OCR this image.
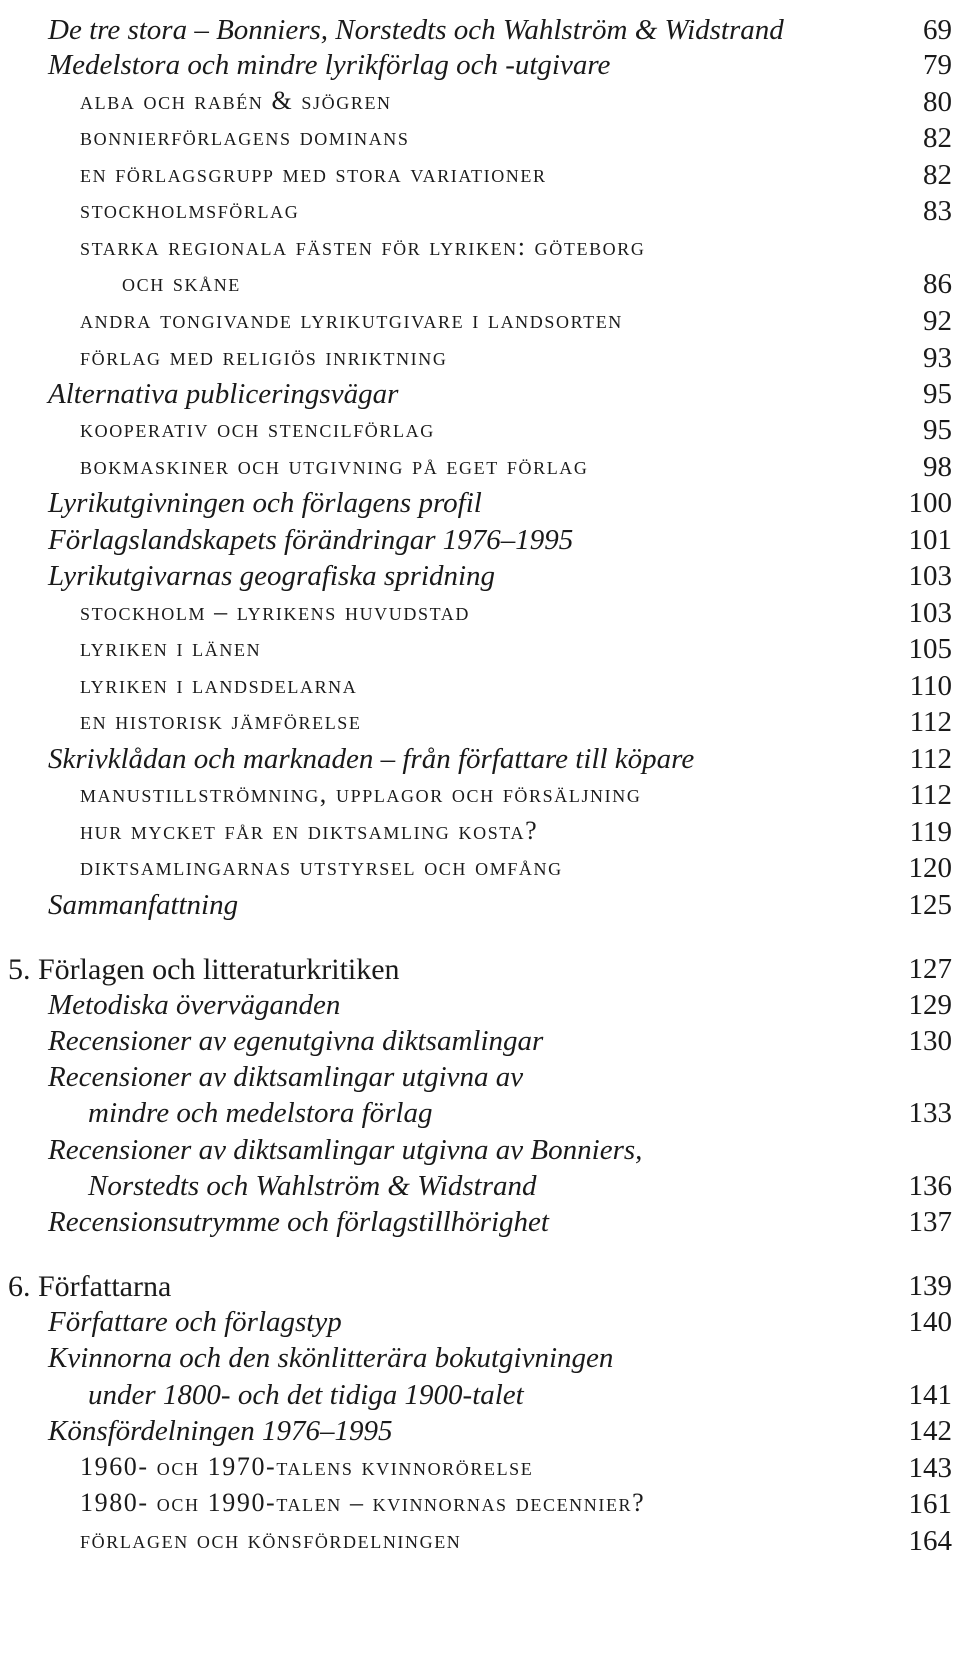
De tre stora – Bonniers, Norstedts och Wahlström & Widstrand	69
Medelstora och mindre lyrikförlag och -utgivare	79
alba och rabén & sjögren	80
bonnierförlagens dominans	82
en förlagsgrupp med stora variationer	82
stockholmsförlag	83
starka regionala fästen för lyriken: göteborg
och skåne	86
andra tongivande lyrikutgivare i landsorten	92
förlag med religiös inriktning	93
Alternativa publiceringsvägar	95
kooperativ och stencilförlag	95
bokmaskiner och utgivning på eget förlag	98
Lyrikutgivningen och förlagens profil	100
Förlagslandskapets förändringar 1976–1995	101
Lyrikutgivarnas geografiska spridning	103
stockholm – lyrikens huvudstad	103
lyriken i länen	105
lyriken i landsdelarna	110
en historisk jämförelse	112
Skrivklådan och marknaden – från författare till köpare	112
manustillströmning, upplagor och försäljning	112
hur mycket får en diktsamling kosta?	119
diktsamlingarnas utstyrsel och omfång	120
Sammanfattning	125
5. Förlagen och litteraturkritiken	127
Metodiska överväganden	129
Recensioner av egenutgivna diktsamlingar	130
Recensioner av diktsamlingar utgivna av
mindre och medelstora förlag	133
Recensioner av diktsamlingar utgivna av Bonniers,
Norstedts och Wahlström & Widstrand	136
Recensionsutrymme och förlagstillhörighet	137
6. Författarna	139
Författare och förlagstyp	140
Kvinnorna och den skönlitterära bokutgivningen
under 1800- och det tidiga 1900-talet	141
Könsfördelningen 1976–1995	142
1960- och 1970-talens kvinnorörelse	143
1980- och 1990-talen – kvinnornas decennier?	161
förlagen och könsfördelningen	164
